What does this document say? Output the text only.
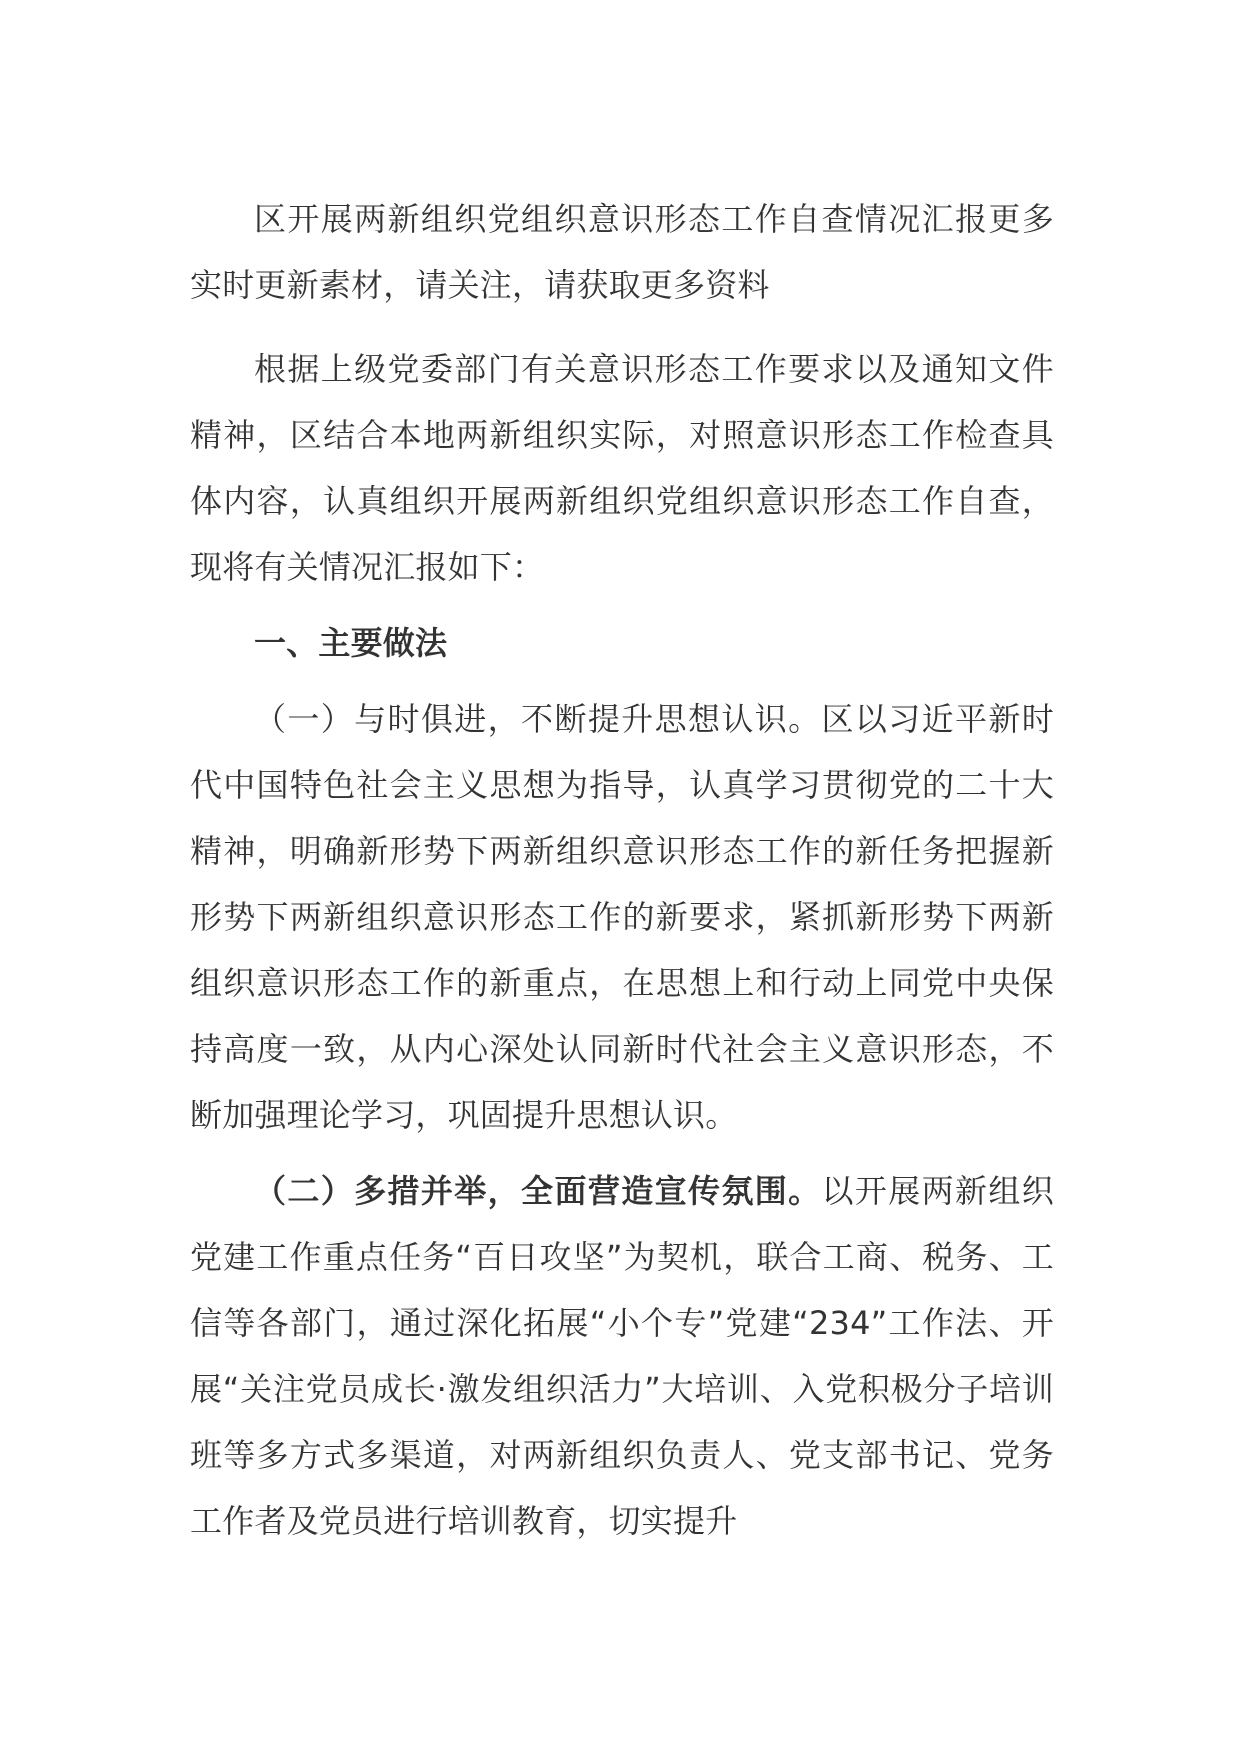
区开展两新组织党组织意识形态工作自查情况汇报更多实时更新素材，请关注，请获取更多资料

根据上级党委部门有关意识形态工作要求以及通知文件精神，区结合本地两新组织实际，对照意识形态工作检查具体内容，认真组织开展两新组织党组织意识形态工作自查，现将有关情况汇报如下：

一、主要做法

（一）与时俱进，不断提升思想认识。区以习近平新时代中国特色社会主义思想为指导，认真学习贯彻党的二十大精神，明确新形势下两新组织意识形态工作的新任务把握新形势下两新组织意识形态工作的新要求，紧抓新形势下两新组织意识形态工作的新重点，在思想上和行动上同党中央保持高度一致，从内心深处认同新时代社会主义意识形态，不断加强理论学习，巩固提升思想认识。

（二）多措并举，全面营造宣传氛围。以开展两新组织党建工作重点任务“百日攻坚”为契机，联合工商、税务、工信等各部门，通过深化拓展“小个专”党建“234”工作法、开展“关注党员成长·激发组织活力”大培训、入党积极分子培训班等多方式多渠道，对两新组织负责人、党支部书记、党务工作者及党员进行培训教育，切实提升
